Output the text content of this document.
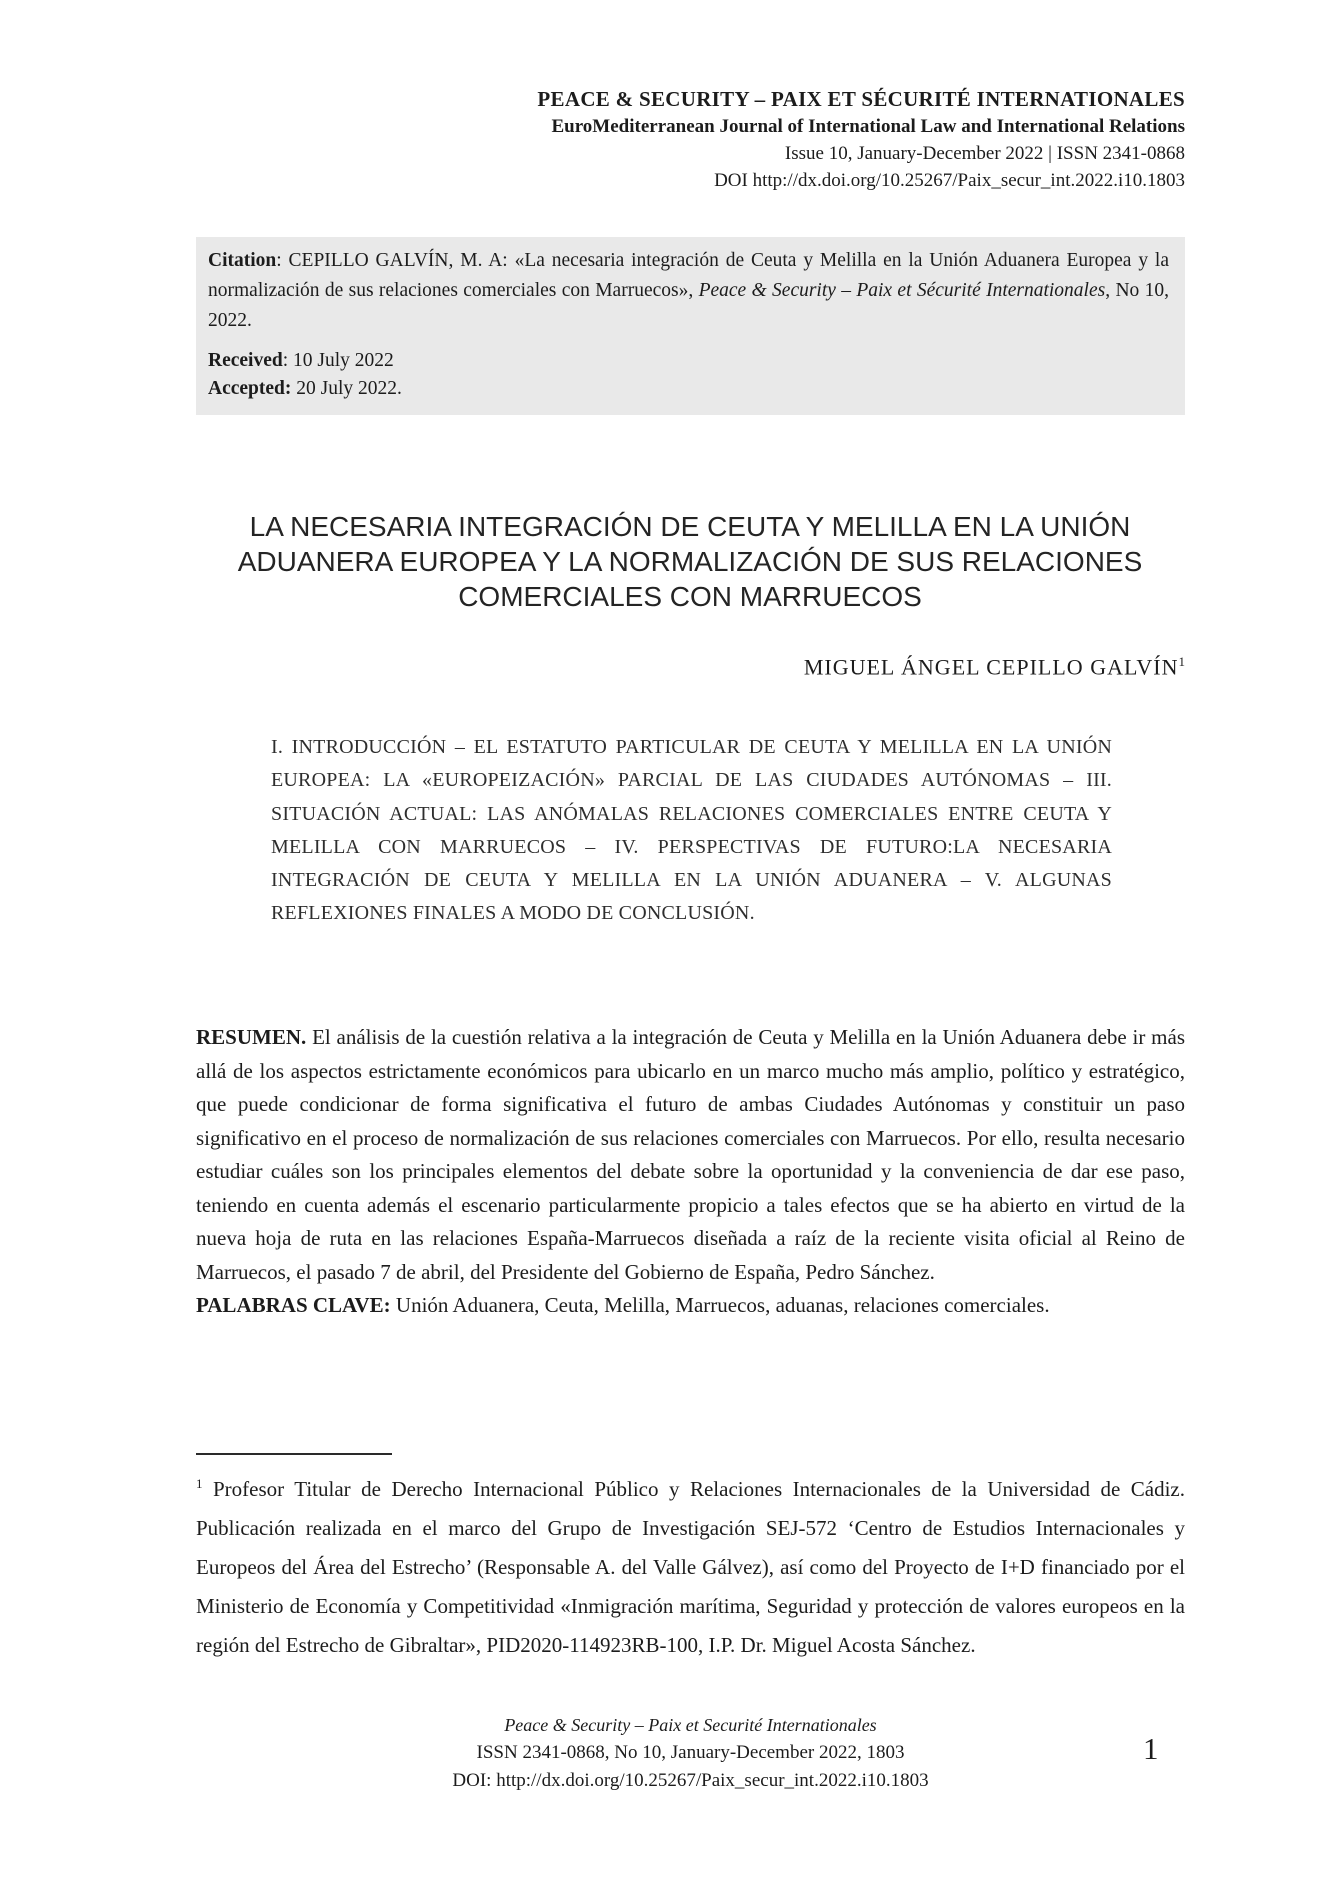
PEACE & SECURITY – PAIX ET SÉCURITÉ INTERNATIONALES
EuroMediterranean Journal of International Law and International Relations
Issue 10, January-December 2022 | ISSN 2341-0868
DOI http://dx.doi.org/10.25267/Paix_secur_int.2022.i10.1803

Citation: CEPILLO GALVÍN, M. A: «La necesaria integración de Ceuta y Melilla en la Unión Aduanera Europea y la normalización de sus relaciones comerciales con Marruecos», Peace & Security – Paix et Sécurité Internationales, No 10, 2022.

Received: 10 July 2022
Accepted: 20 July 2022.
LA NECESARIA INTEGRACIÓN DE CEUTA Y MELILLA EN LA UNIÓN ADUANERA EUROPEA Y LA NORMALIZACIÓN DE SUS RELACIONES COMERCIALES CON MARRUECOS
MIGUEL ÁNGEL CEPILLO GALVÍN$^1$
I. INTRODUCCIÓN – EL ESTATUTO PARTICULAR DE CEUTA Y MELILLA EN LA UNIÓN EUROPEA: LA «EUROPEIZACIÓN» PARCIAL DE LAS CIUDADES AUTÓNOMAS – III. SITUACIÓN ACTUAL: LAS ANÓMALAS RELACIONES COMERCIALES ENTRE CEUTA Y MELILLA CON MARRUECOS – IV. PERSPECTIVAS DE FUTURO:LA NECESARIA INTEGRACIÓN DE CEUTA Y MELILLA EN LA UNIÓN ADUANERA – V. ALGUNAS REFLEXIONES FINALES A MODO DE CONCLUSIÓN.
RESUMEN. El análisis de la cuestión relativa a la integración de Ceuta y Melilla en la Unión Aduanera debe ir más allá de los aspectos estrictamente económicos para ubicarlo en un marco mucho más amplio, político y estratégico, que puede condicionar de forma significativa el futuro de ambas Ciudades Autónomas y constituir un paso significativo en el proceso de normalización de sus relaciones comerciales con Marruecos. Por ello, resulta necesario estudiar cuáles son los principales elementos del debate sobre la oportunidad y la conveniencia de dar ese paso, teniendo en cuenta además el escenario particularmente propicio a tales efectos que se ha abierto en virtud de la nueva hoja de ruta en las relaciones España-Marruecos diseñada a raíz de la reciente visita oficial al Reino de Marruecos, el pasado 7 de abril, del Presidente del Gobierno de España, Pedro Sánchez.
PALABRAS CLAVE: Unión Aduanera, Ceuta, Melilla, Marruecos, aduanas, relaciones comerciales.
$^1$ Profesor Titular de Derecho Internacional Público y Relaciones Internacionales de la Universidad de Cádiz. Publicación realizada en el marco del Grupo de Investigación SEJ-572 ‘Centro de Estudios Internacionales y Europeos del Área del Estrecho’ (Responsable A. del Valle Gálvez), así como del Proyecto de I+D financiado por el Ministerio de Economía y Competitividad «Inmigración marítima, Seguridad y protección de valores europeos en la región del Estrecho de Gibraltar», PID2020-114923RB-100, I.P. Dr. Miguel Acosta Sánchez.
Peace & Security – Paix et Securité Internationales
ISSN 2341-0868, No 10, January-December 2022, 1803
DOI: http://dx.doi.org/10.25267/Paix_secur_int.2022.i10.1803
1
